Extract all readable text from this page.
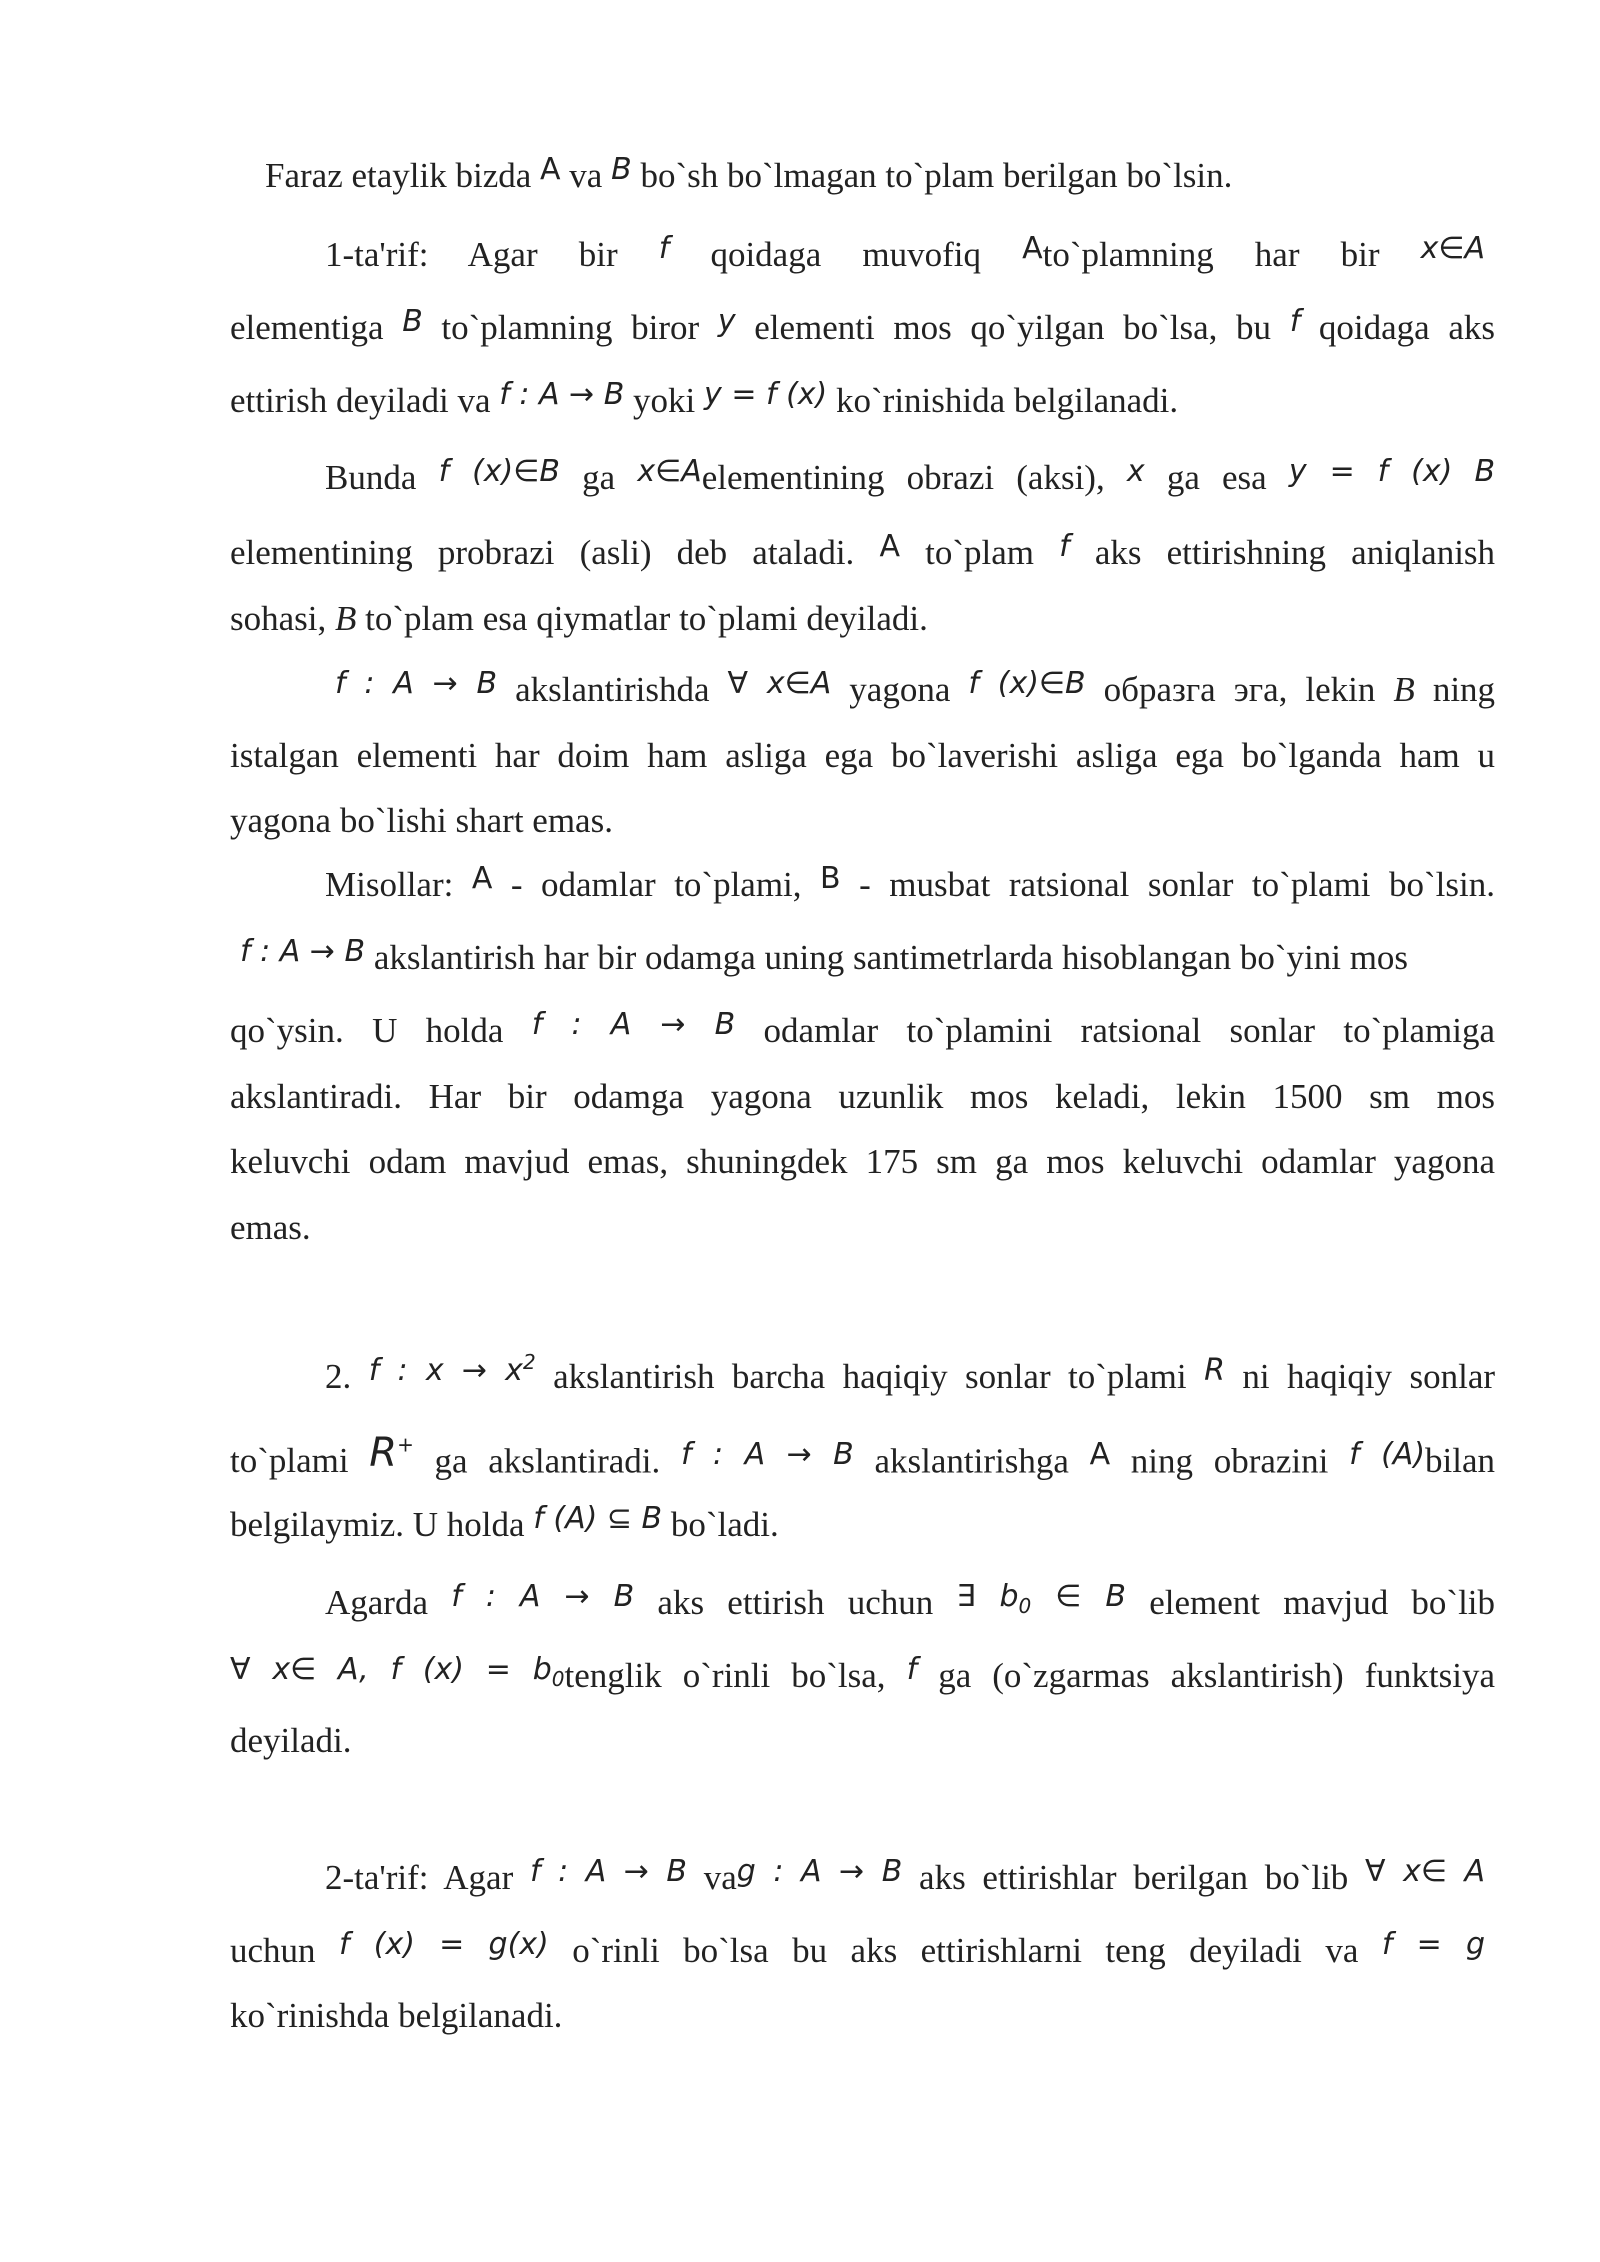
Faraz etaylik bizda A va B bo`sh bo`lmagan to`plam berilgan bo`lsin.

1-ta'rif: Agar bir f qoidaga muvofiq Ato`plamning har bir x∈A

elementiga B to`plamning biror y elementi mos qo`yilgan bo`lsa, bu f qoidaga aks

ettirish deyiladi va f : A → B yoki y = f (x) ko`rinishida belgilanadi.

Bunda f (x)∈B ga x∈Aelementining obrazi (aksi), x ga esa y = f (x) B

elementining probrazi (asli) deb ataladi. A to`plam f aks ettirishning aniqlanish

sohasi, B to`plam esa qiymatlar to`plami deyiladi.

f : A → B akslantirishda ∀ x∈A yagona f (x)∈B образга эга, lekin B ning

istalgan elementi har doim ham asliga ega bo`laverishi asliga ega bo`lganda ham u

yagona bo`lishi shart emas.

Misollar: A - odamlar to`plami, B - musbat ratsional sonlar to`plami bo`lsin.

f : A → B akslantirish har bir odamga uning santimetrlarda hisoblangan bo`yini mos

qo`ysin. U holda f : A → B odamlar to`plamini ratsional sonlar to`plamiga

akslantiradi. Har bir odamga yagona uzunlik mos keladi, lekin 1500 sm mos

keluvchi odam mavjud emas, shuningdek 175 sm ga mos keluvchi odamlar yagona

emas.

2. f : $x \to x^2$ akslantirish barcha haqiqiy sonlar to`plami R ni haqiqiy sonlar

to`plami R+ ga akslantiradi. f : A → B akslantirishga A ning obrazini f (A)bilan

belgilaymiz. U holda f (A) ⊆ B bo`ladi.

Agarda f : A → B aks ettirish uchun ∃ $b_0$ ∈ B element mavjud bo`lib

∀ x∈ A, f $(x) = b_0tenglik$ o`rinli bo`lsa, f ga (o`zgarmas akslantirish) funktsiya

deyiladi.

2-ta'rif: Agar f : A → B vag : A → B aks ettirishlar berilgan bo`lib ∀ x∈ A

uchun f (x) = g(x) o`rinli bo`lsa bu aks ettirishlarni teng deyiladi va f = g

ko`rinishda belgilanadi.
